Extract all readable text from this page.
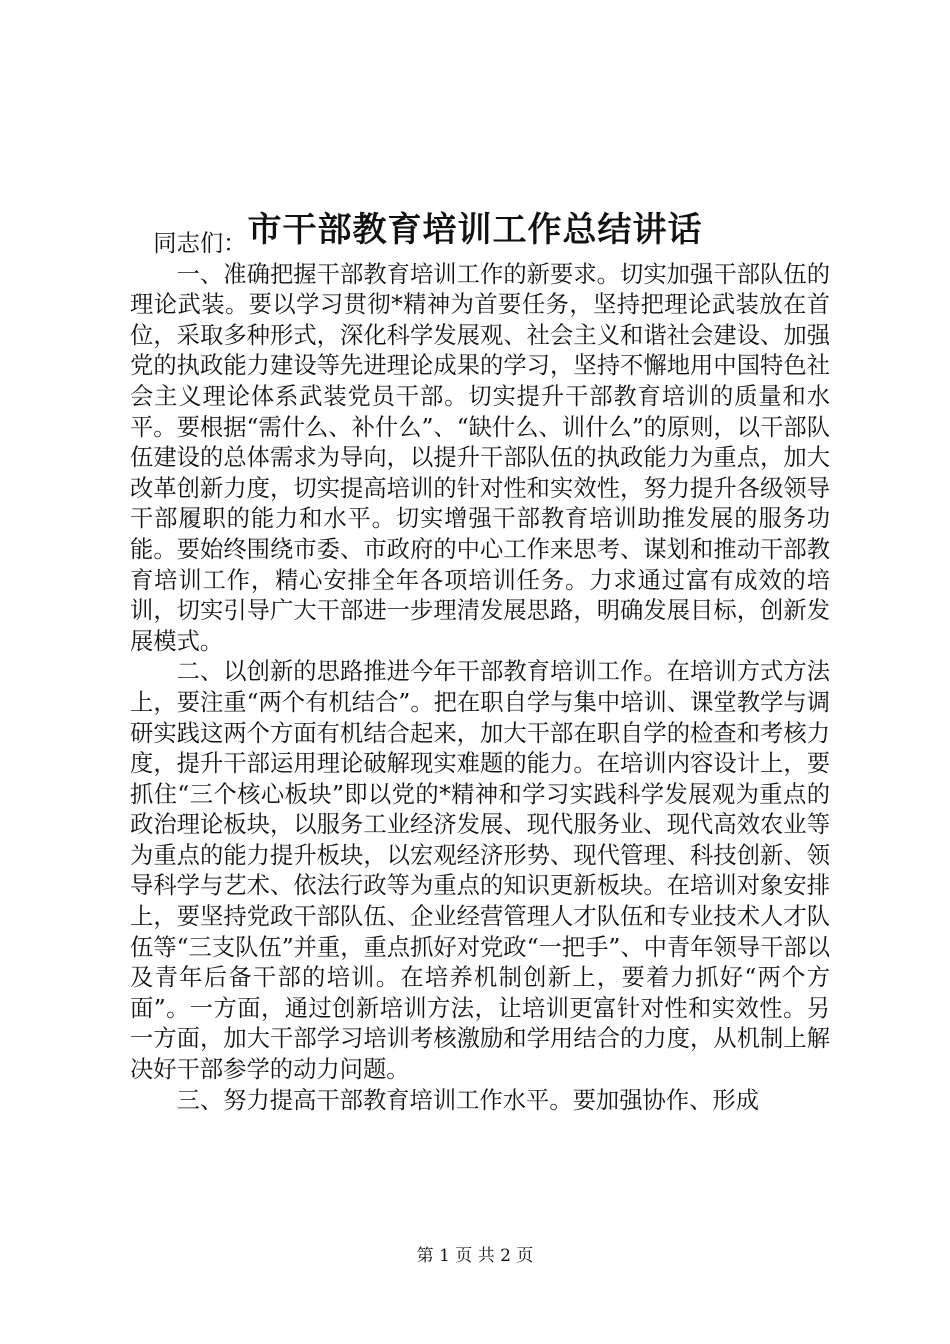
市干部教育培训工作总结讲话

同志们：

一、准确把握干部教育培训工作的新要求。切实加强干部队伍的理论武装。要以学习贯彻*精神为首要任务，坚持把理论武装放在首位，采取多种形式，深化科学发展观、社会主义和谐社会建设、加强党的执政能力建设等先进理论成果的学习，坚持不懈地用中国特色社会主义理论体系武装党员干部。切实提升干部教育培训的质量和水平。要根据“需什么、补什么”、“缺什么、训什么”的原则，以干部队伍建设的总体需求为导向，以提升干部队伍的执政能力为重点，加大改革创新力度，切实提高培训的针对性和实效性，努力提升各级领导干部履职的能力和水平。切实增强干部教育培训助推发展的服务功能。要始终围绕市委、市政府的中心工作来思考、谋划和推动干部教育培训工作，精心安排全年各项培训任务。力求通过富有成效的培训，切实引导广大干部进一步理清发展思路，明确发展目标，创新发展模式。

二、以创新的思路推进今年干部教育培训工作。在培训方式方法上，要注重“两个有机结合”。把在职自学与集中培训、课堂教学与调研实践这两个方面有机结合起来，加大干部在职自学的检查和考核力度，提升干部运用理论破解现实难题的能力。在培训内容设计上，要抓住“三个核心板块”即以党的*精神和学习实践科学发展观为重点的政治理论板块，以服务工业经济发展、现代服务业、现代高效农业等为重点的能力提升板块，以宏观经济形势、现代管理、科技创新、领导科学与艺术、依法行政等为重点的知识更新板块。在培训对象安排上，要坚持党政干部队伍、企业经营管理人才队伍和专业技术人才队伍等“三支队伍”并重，重点抓好对党政“一把手”、中青年领导干部以及青年后备干部的培训。在培养机制创新上，要着力抓好“两个方面”。一方面，通过创新培训方法，让培训更富针对性和实效性。另一方面，加大干部学习培训考核激励和学用结合的力度，从机制上解决好干部参学的动力问题。

三、努力提高干部教育培训工作水平。要加强协作、形成

第 1 页 共 2 页
